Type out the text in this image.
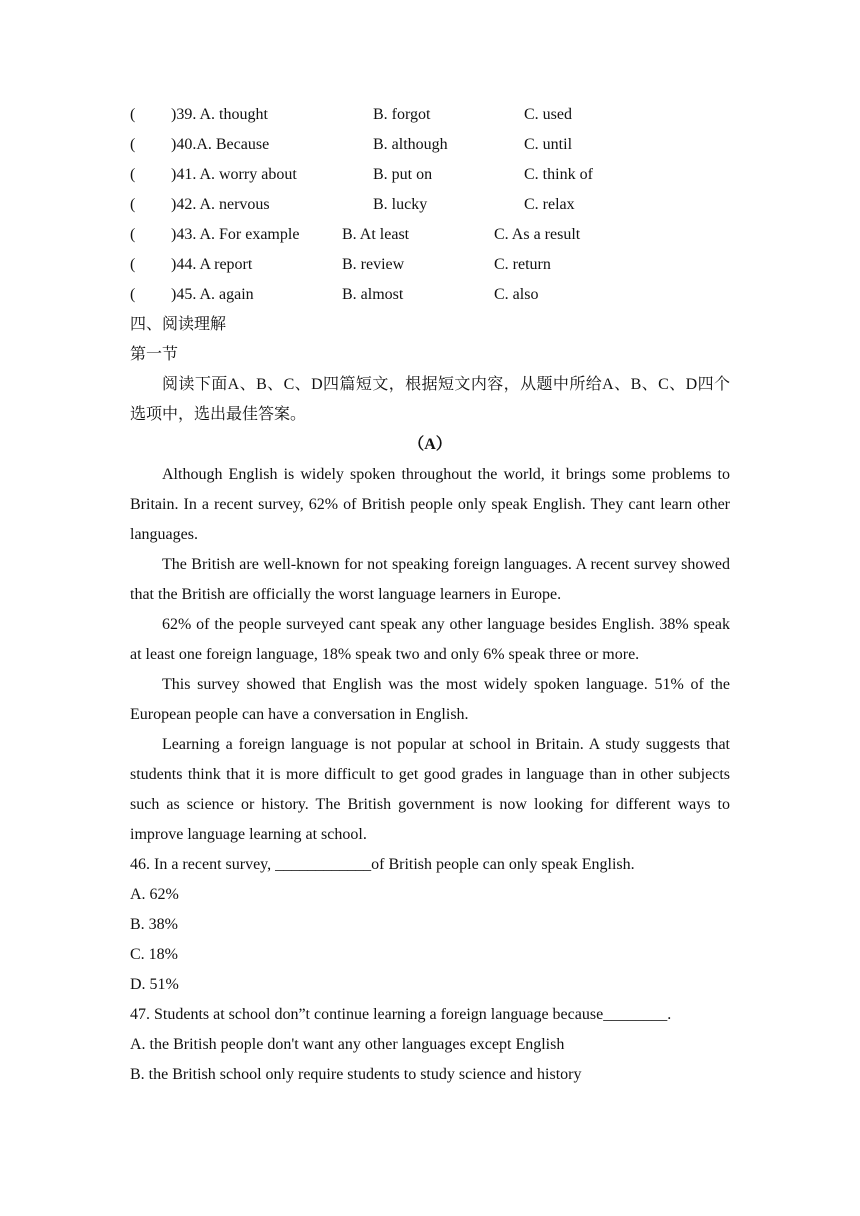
( )39. A. thought	B. forgot	C. used
( )40.A. Because	B. although	C. until
( )41. A. worry about	B. put on	C. think of
( )42. A. nervous	B. lucky	C. relax
( )43. A. For example	B. At least	C. As a result
( )44. A report	B. review	C. return
( )45. A. again	B. almost	C. also
四、阅读理解
第一节

阅读下面A、B、C、D四篇短文，根据短文内容，从题中所给A、B、C、D四个选项中，选出最佳答案。

（A）

Although English is widely spoken throughout the world, it brings some problems to Britain. In a recent survey, 62% of British people only speak English. They cant learn other languages.

The British are well-known for not speaking foreign languages. A recent survey showed that the British are officially the worst language learners in Europe.

62% of the people surveyed cant speak any other language besides English. 38% speak at least one foreign language, 18% speak two and only 6% speak three or more.

This survey showed that English was the most widely spoken language. 51% of the European people can have a conversation in English.

Learning a foreign language is not popular at school in Britain. A study suggests that students think that it is more difficult to get good grades in language than in other subjects such as science or history. The British government is now looking for different ways to improve language learning at school.

46. In a recent survey, ____________of British people can only speak English.
A. 62%
B. 38%
C. 18%
D. 51%
47. Students at school don”t continue learning a foreign language because________.
A. the British people don't want any other languages except English
B. the British school only require students to study science and history
